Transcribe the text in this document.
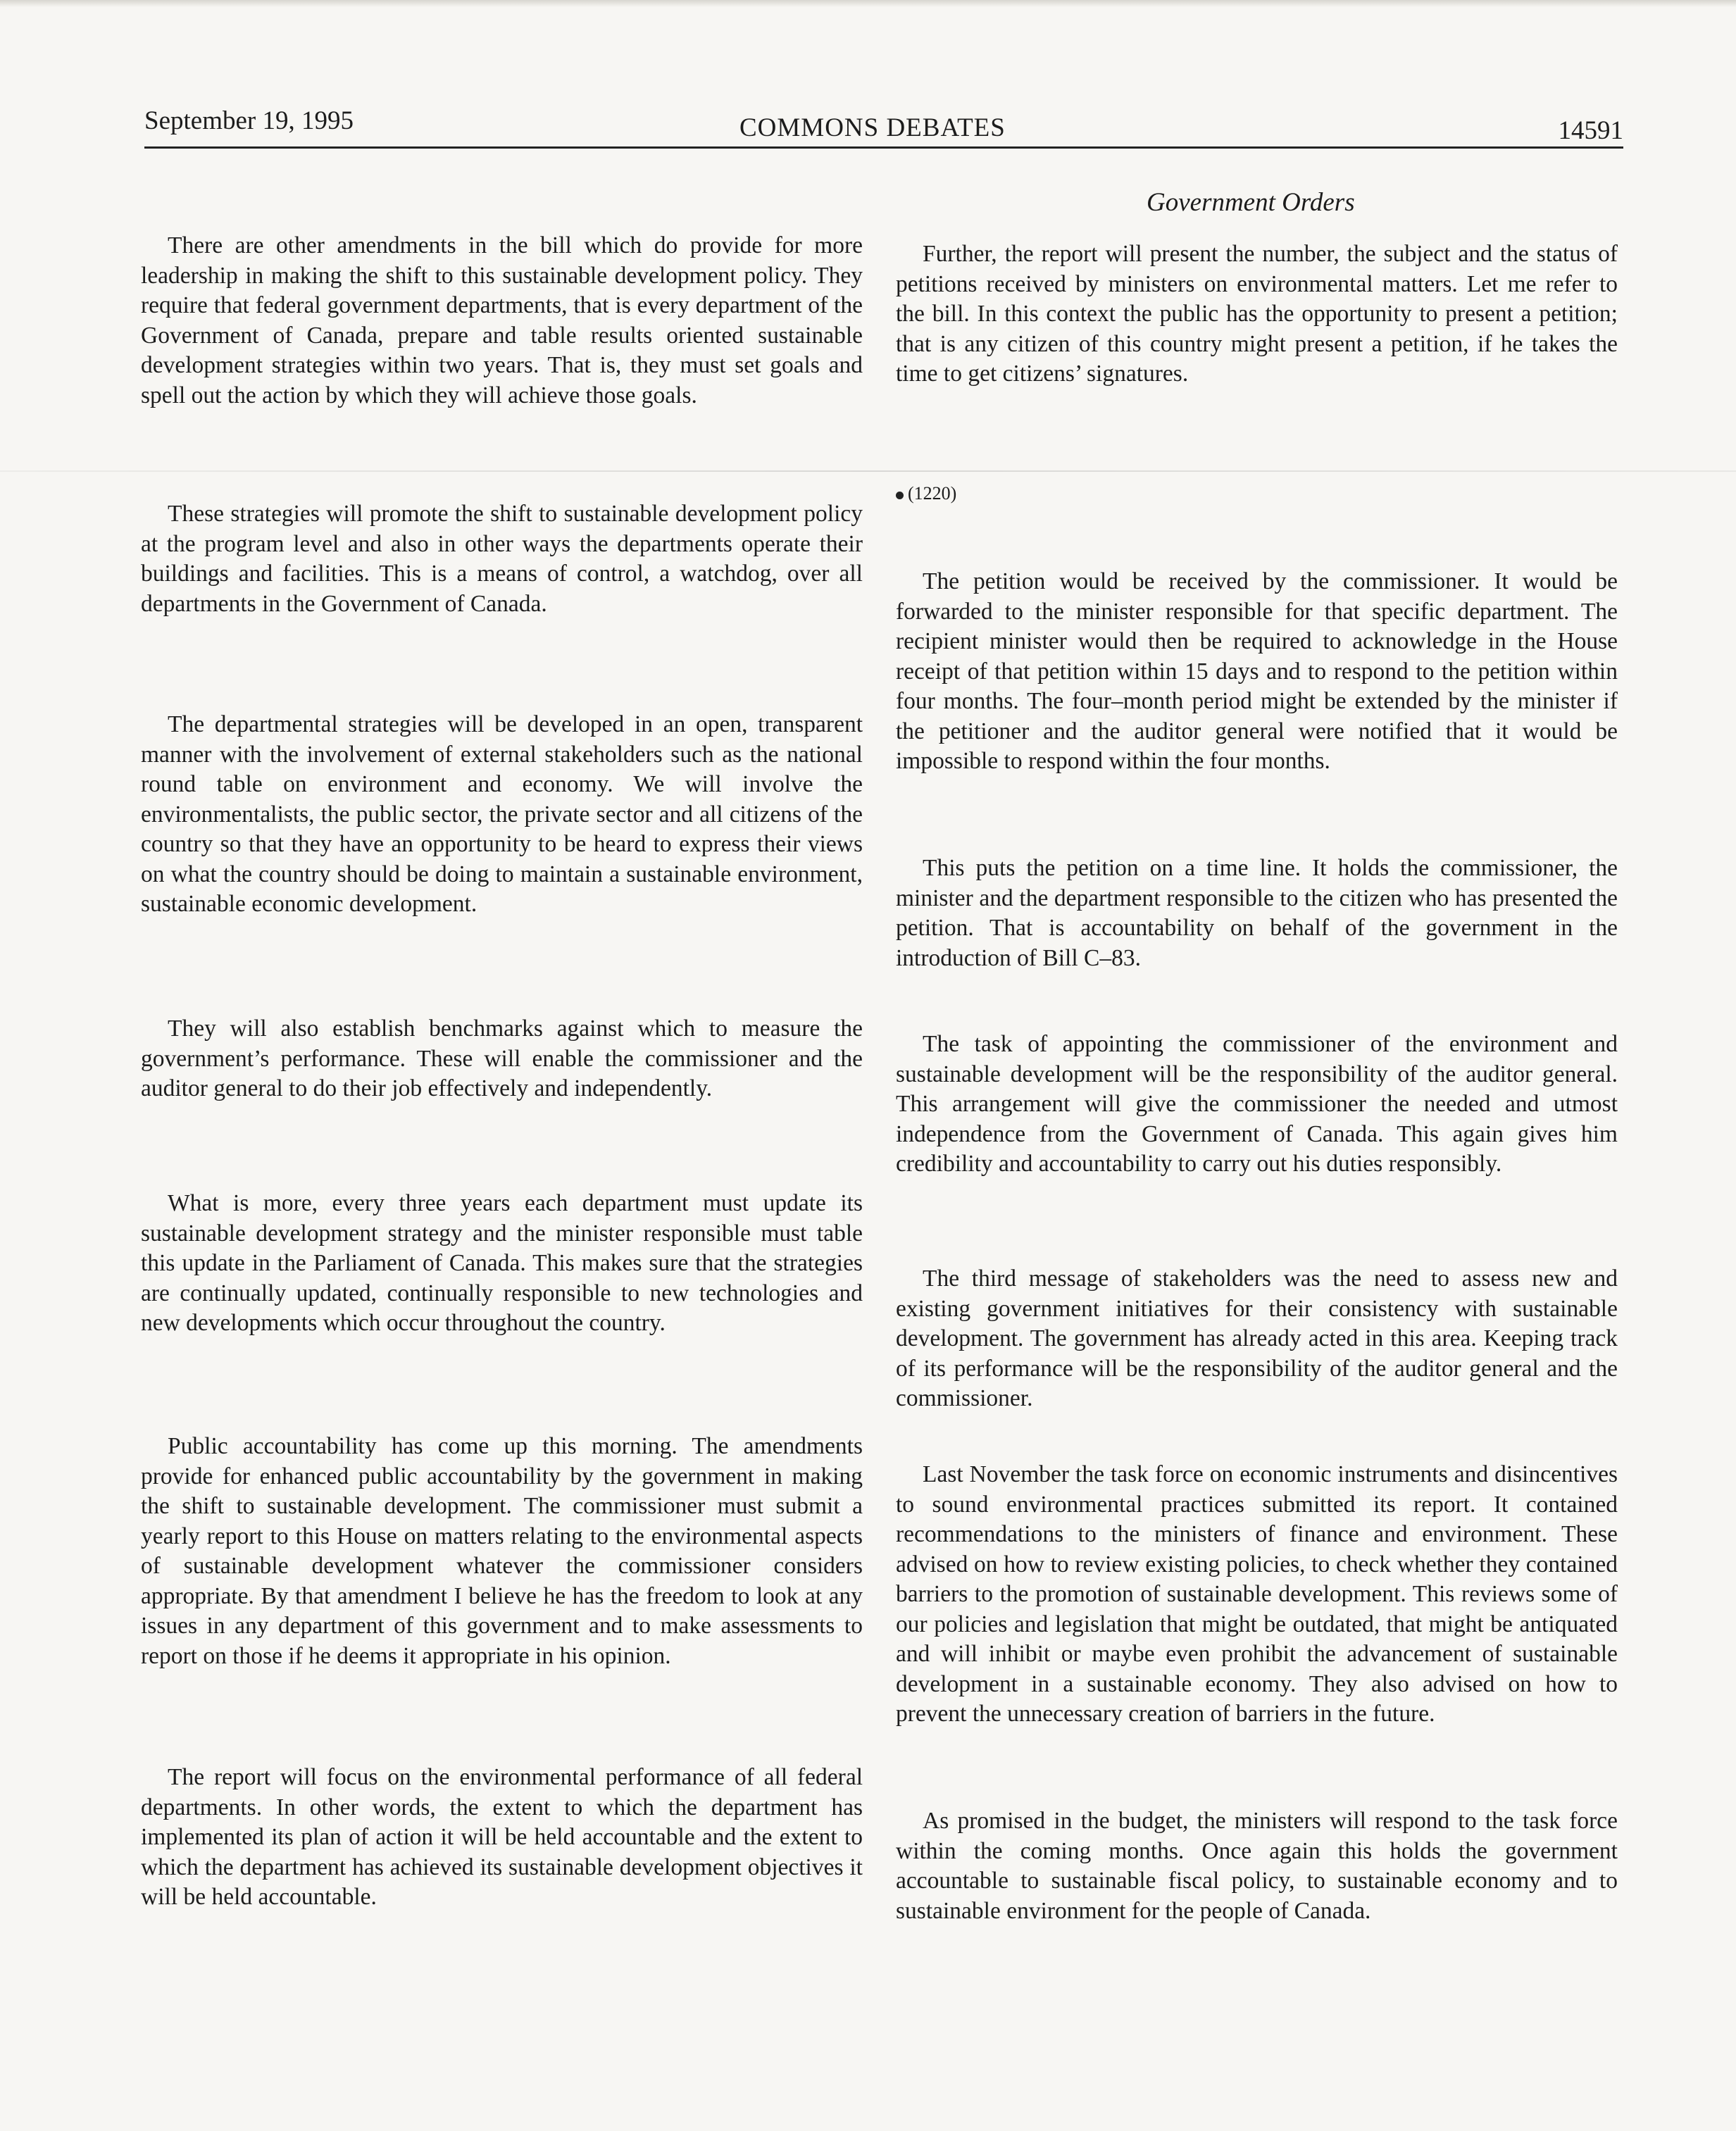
September 19, 1995	COMMONS DEBATES	14591
Government Orders

There are other amendments in the bill which do provide for more leadership in making the shift to this sustainable development policy. They require that federal government departments, that is every department of the Government of Canada, prepare and table results oriented sustainable development strategies within two years. That is, they must set goals and spell out the action by which they will achieve those goals.

These strategies will promote the shift to sustainable development policy at the program level and also in other ways the departments operate their buildings and facilities. This is a means of control, a watchdog, over all departments in the Government of Canada.

The departmental strategies will be developed in an open, transparent manner with the involvement of external stakeholders such as the national round table on environment and economy. We will involve the environmentalists, the public sector, the private sector and all citizens of the country so that they have an opportunity to be heard to express their views on what the country should be doing to maintain a sustainable environment, sustainable economic development.

They will also establish benchmarks against which to measure the government’s performance. These will enable the commissioner and the auditor general to do their job effectively and independently.

What is more, every three years each department must update its sustainable development strategy and the minister responsible must table this update in the Parliament of Canada. This makes sure that the strategies are continually updated, continually responsible to new technologies and new developments which occur throughout the country.

Public accountability has come up this morning. The amendments provide for enhanced public accountability by the government in making the shift to sustainable development. The commissioner must submit a yearly report to this House on matters relating to the environmental aspects of sustainable development whatever the commissioner considers appropriate. By that amendment I believe he has the freedom to look at any issues in any department of this government and to make assessments to report on those if he deems it appropriate in his opinion.

The report will focus on the environmental performance of all federal departments. In other words, the extent to which the department has implemented its plan of action it will be held accountable and the extent to which the department has achieved its sustainable development objectives it will be held accountable.

Further, the report will present the number, the subject and the status of petitions received by ministers on environmental matters. Let me refer to the bill. In this context the public has the opportunity to present a petition; that is any citizen of this country might present a petition, if he takes the time to get citizens’ signatures.

The petition would be received by the commissioner. It would be forwarded to the minister responsible for that specific department. The recipient minister would then be required to acknowledge in the House receipt of that petition within 15 days and to respond to the petition within four months. The four–month period might be extended by the minister if the petitioner and the auditor general were notified that it would be impossible to respond within the four months.

This puts the petition on a time line. It holds the commissioner, the minister and the department responsible to the citizen who has presented the petition. That is accountability on behalf of the government in the introduction of Bill C–83.

The task of appointing the commissioner of the environment and sustainable development will be the responsibility of the auditor general. This arrangement will give the commissioner the needed and utmost independence from the Government of Canada. This again gives him credibility and accountability to carry out his duties responsibly.

The third message of stakeholders was the need to assess new and existing government initiatives for their consistency with sustainable development. The government has already acted in this area. Keeping track of its performance will be the responsibility of the auditor general and the commissioner.

Last November the task force on economic instruments and disincentives to sound environmental practices submitted its report. It contained recommendations to the ministers of finance and environment. These advised on how to review existing policies, to check whether they contained barriers to the promotion of sustainable development. This reviews some of our policies and legislation that might be outdated, that might be antiquated and will inhibit or maybe even prohibit the advancement of sustainable development in a sustainable economy. They also advised on how to prevent the unnecessary creation of barriers in the future.

As promised in the budget, the ministers will respond to the task force within the coming months. Once again this holds the government accountable to sustainable fiscal policy, to sustainable economy and to sustainable environment for the people of Canada.

(1220)
